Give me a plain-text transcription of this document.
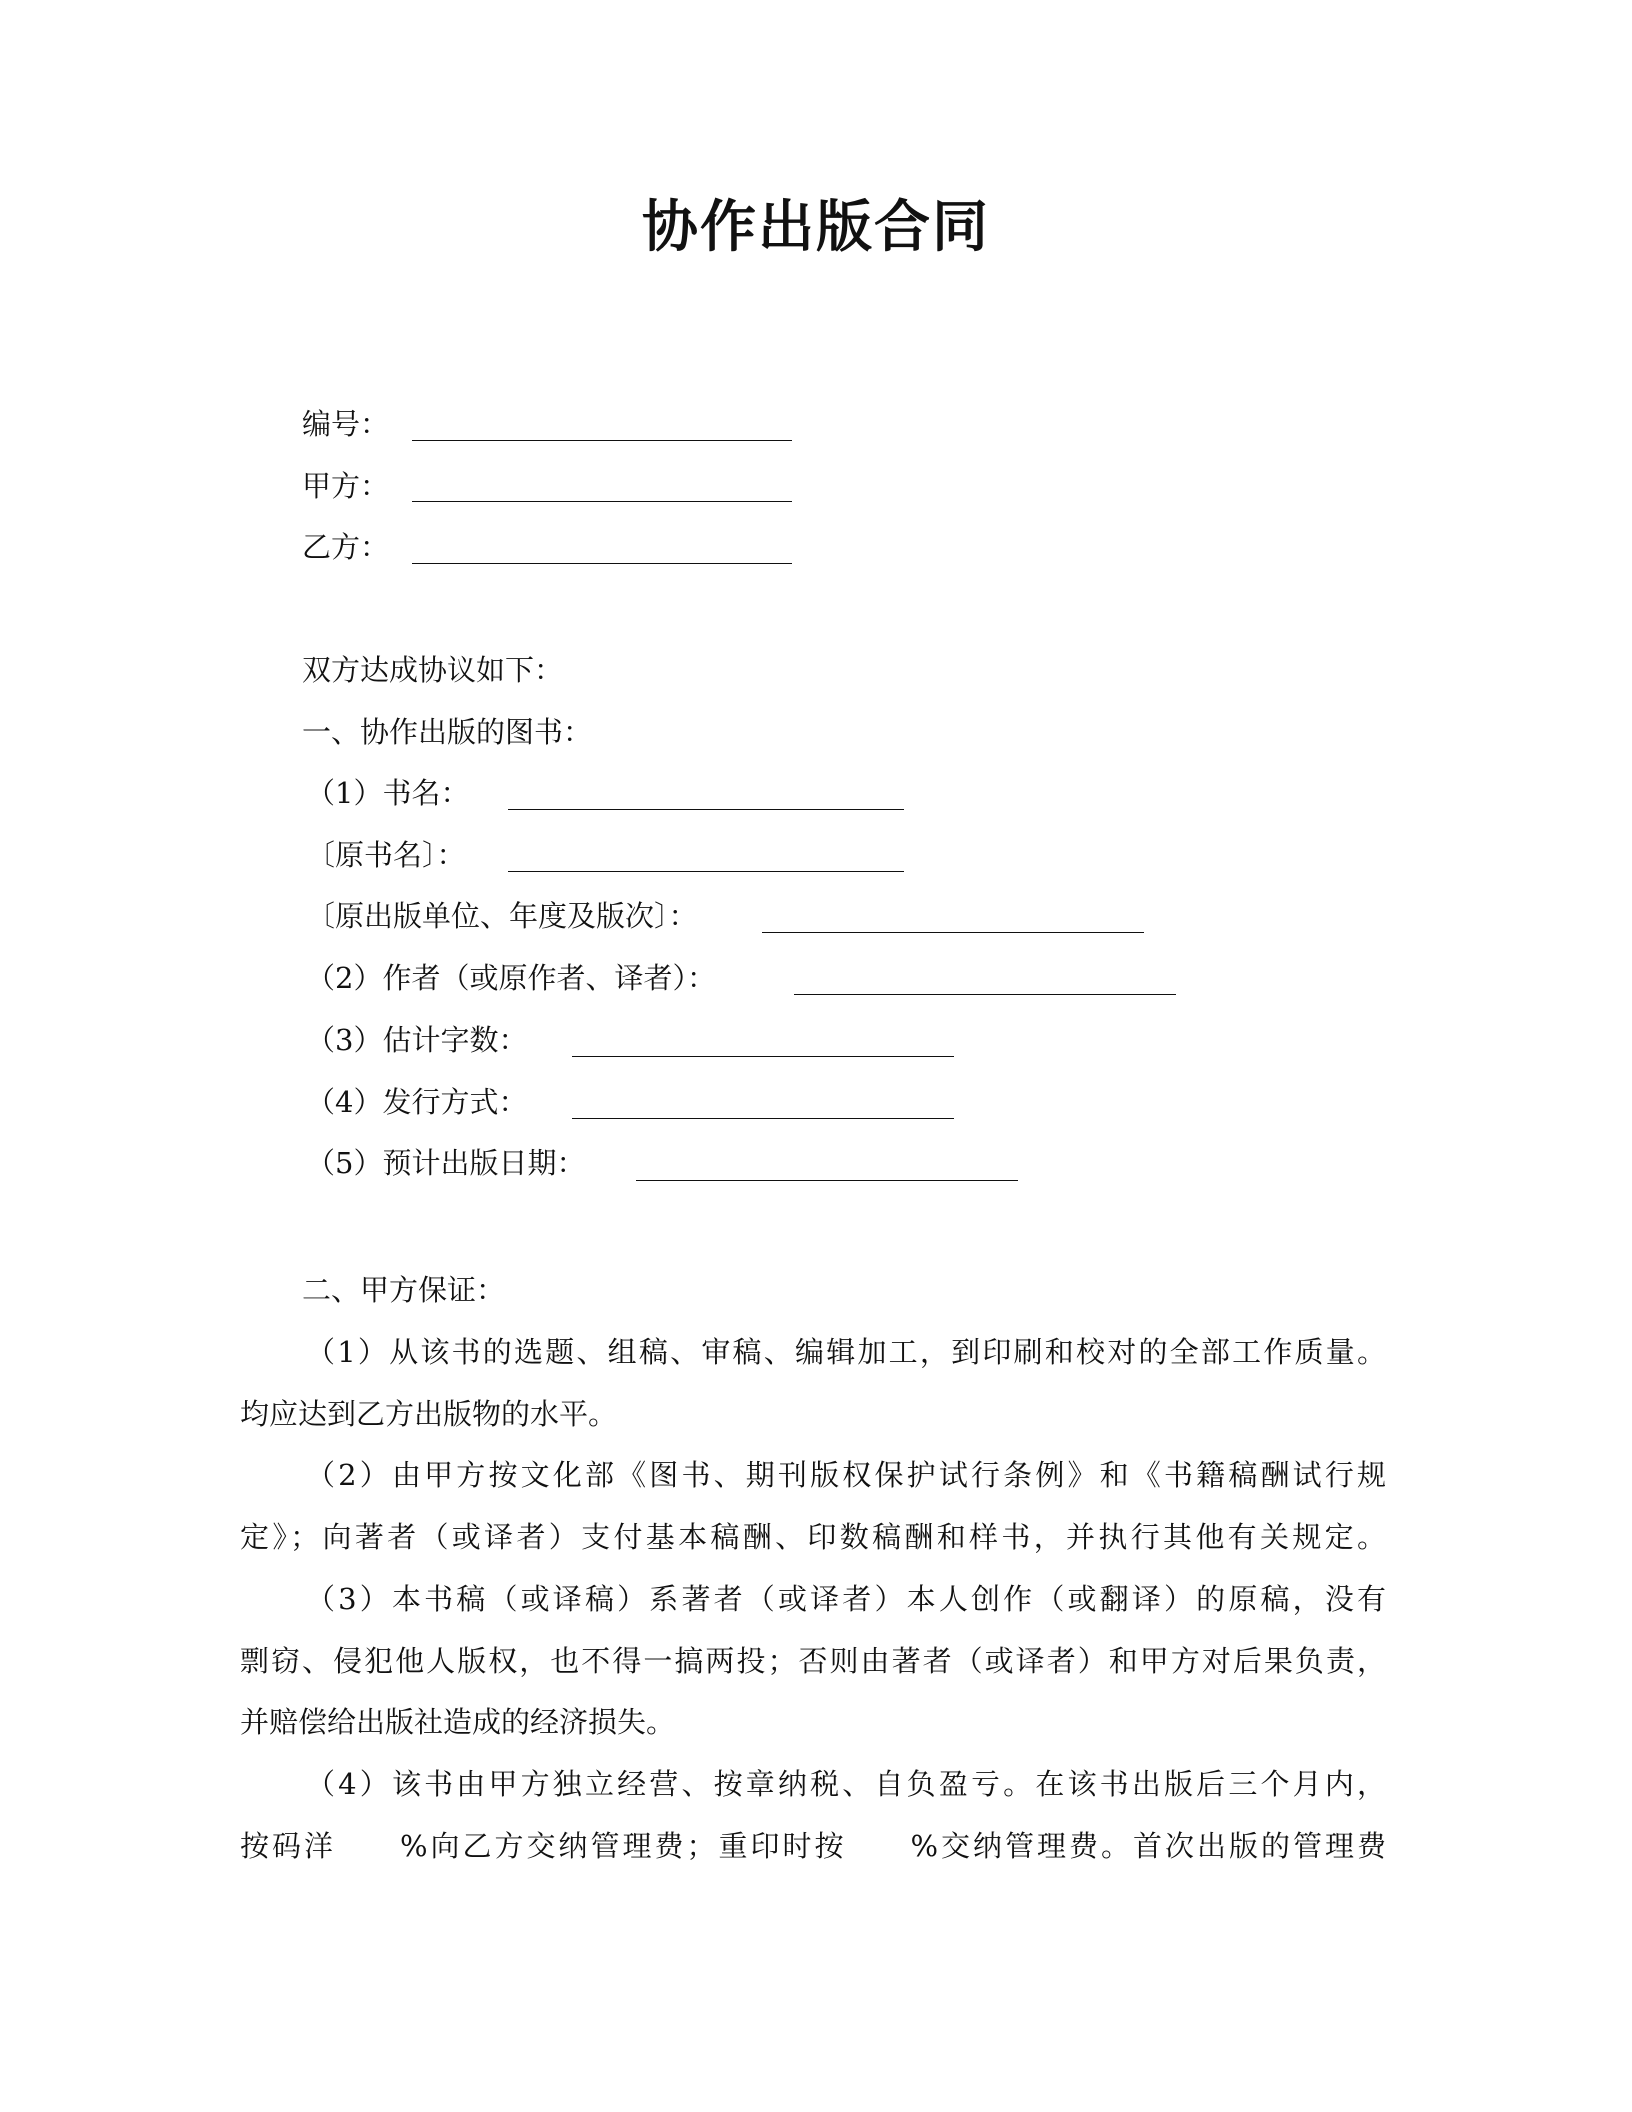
协作出版合同
编号：
甲方：
乙方：
双方达成协议如下：
一、协作出版的图书：
（1）书名：
〔原书名〕：
〔原出版单位、年度及版次〕：
（2）作者（或原作者、译者）：
（3）估计字数：
（4）发行方式：
（5）预计出版日期：
二、甲方保证：
（1）从该书的选题、组稿、审稿、编辑加工，到印刷和校对的全部工作质量。
均应达到乙方出版物的水平。
（2）由甲方按文化部《图书、期刊版权保护试行条例》和《书籍稿酬试行规
定》；向著者（或译者）支付基本稿酬、印数稿酬和样书，并执行其他有关规定。
（3）本书稿（或译稿）系著者（或译者）本人创作（或翻译）的原稿，没有
剽窃、侵犯他人版权，也不得一搞两投；否则由著者（或译者）和甲方对后果负责，
并赔偿给出版社造成的经济损失。
（4）该书由甲方独立经营、按章纳税、自负盈亏。在该书出版后三个月内，
按码洋　　%向乙方交纳管理费；重印时按　　%交纳管理费。首次出版的管理费
